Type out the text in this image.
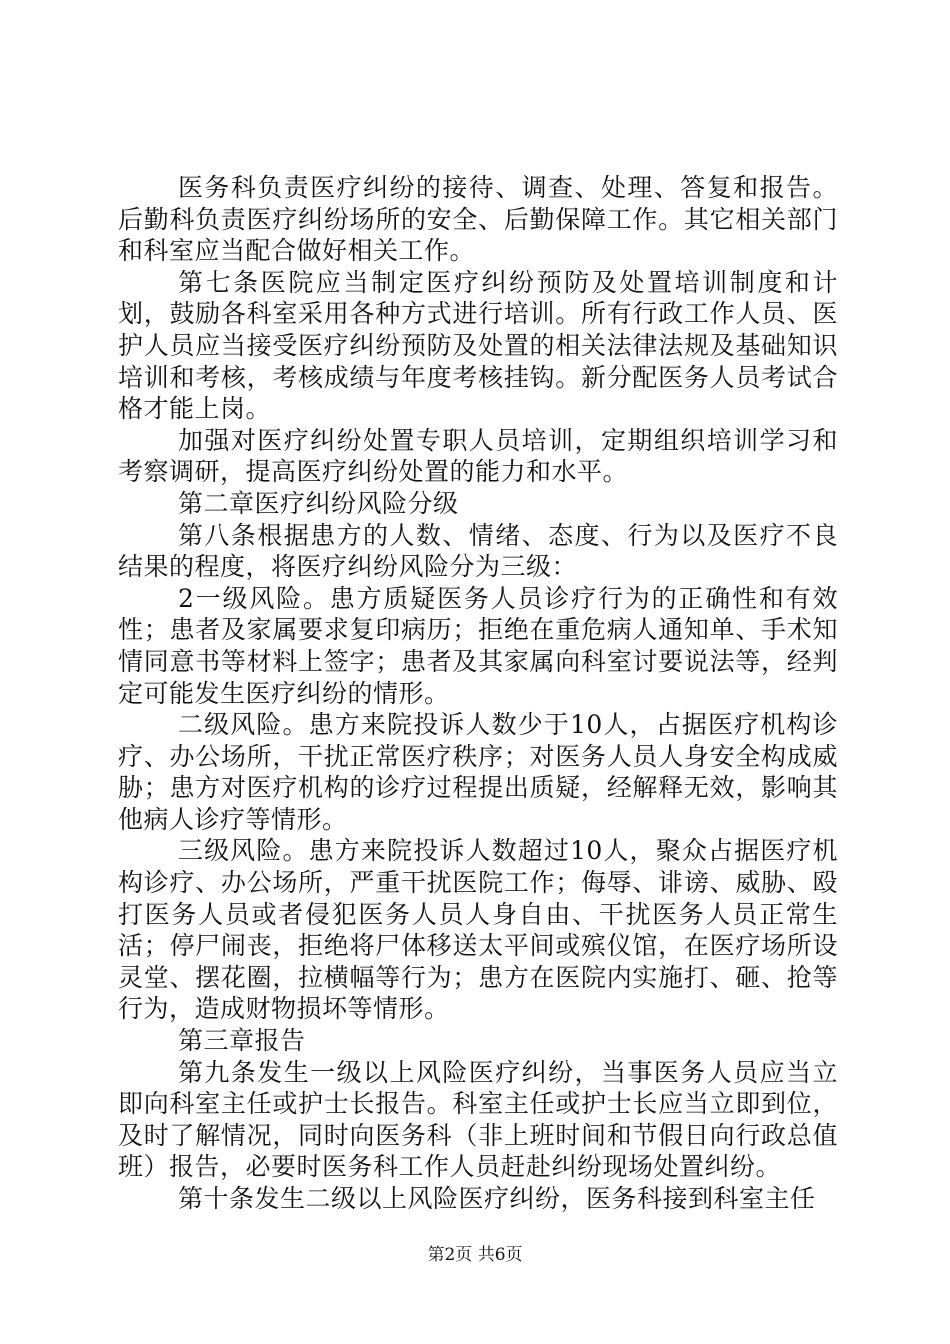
医务科负责医疗纠纷的接待、调查、处理、答复和报告。后勤科负责医疗纠纷场所的安全、后勤保障工作。其它相关部门和科室应当配合做好相关工作。

第七条医院应当制定医疗纠纷预防及处置培训制度和计划，鼓励各科室采用各种方式进行培训。所有行政工作人员、医护人员应当接受医疗纠纷预防及处置的相关法律法规及基础知识培训和考核，考核成绩与年度考核挂钩。新分配医务人员考试合格才能上岗。

加强对医疗纠纷处置专职人员培训，定期组织培训学习和考察调研，提高医疗纠纷处置的能力和水平。

第二章医疗纠纷风险分级

第八条根据患方的人数、情绪、态度、行为以及医疗不良结果的程度，将医疗纠纷风险分为三级：

2一级风险。患方质疑医务人员诊疗行为的正确性和有效性；患者及家属要求复印病历；拒绝在重危病人通知单、手术知情同意书等材料上签字；患者及其家属向科室讨要说法等，经判定可能发生医疗纠纷的情形。

二级风险。患方来院投诉人数少于10人，占据医疗机构诊疗、办公场所，干扰正常医疗秩序；对医务人员人身安全构成威胁；患方对医疗机构的诊疗过程提出质疑，经解释无效，影响其他病人诊疗等情形。

三级风险。患方来院投诉人数超过10人，聚众占据医疗机构诊疗、办公场所，严重干扰医院工作；侮辱、诽谤、威胁、殴打医务人员或者侵犯医务人员人身自由、干扰医务人员正常生活；停尸闹丧，拒绝将尸体移送太平间或殡仪馆，在医疗场所设灵堂、摆花圈，拉横幅等行为；患方在医院内实施打、砸、抢等行为，造成财物损坏等情形。

第三章报告

第九条发生一级以上风险医疗纠纷，当事医务人员应当立即向科室主任或护士长报告。科室主任或护士长应当立即到位，及时了解情况，同时向医务科（非上班时间和节假日向行政总值班）报告，必要时医务科工作人员赶赴纠纷现场处置纠纷。

第十条发生二级以上风险医疗纠纷，医务科接到科室主任

第2页 共6页
